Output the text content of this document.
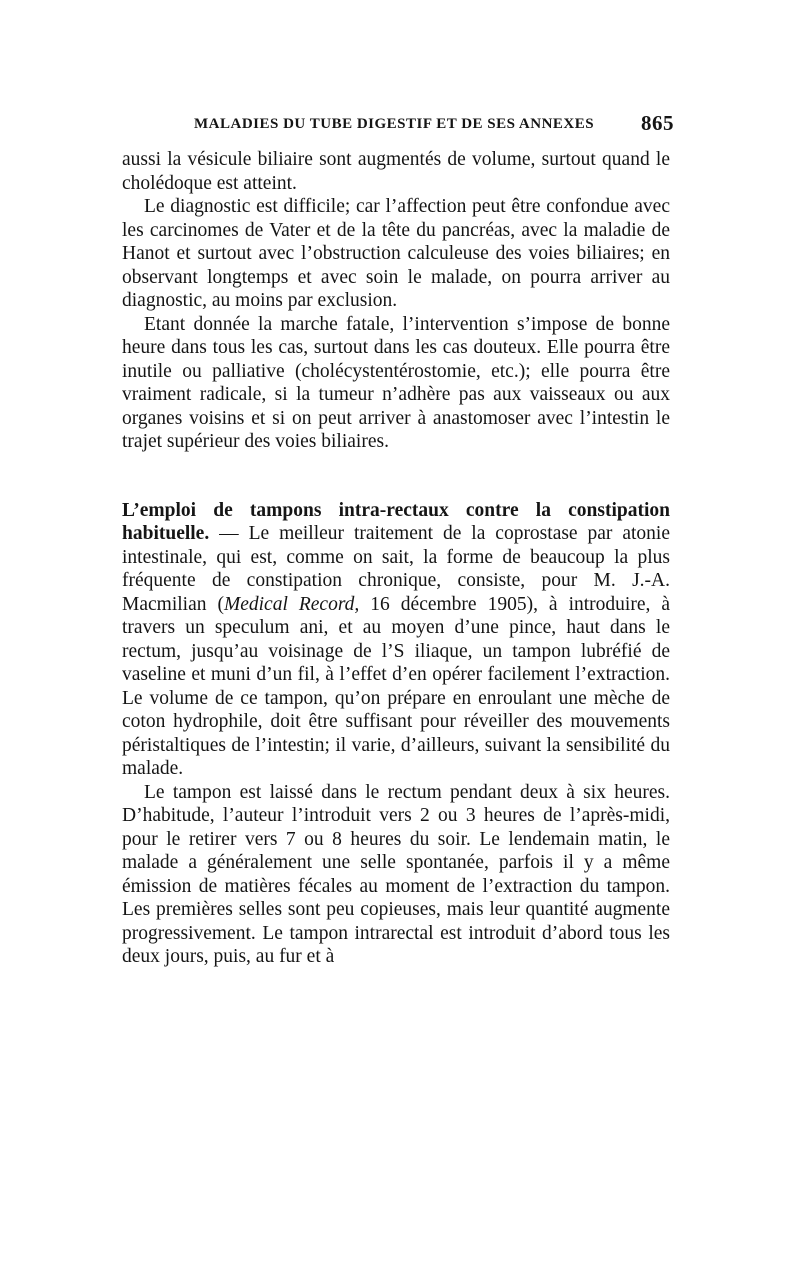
MALADIES DU TUBE DIGESTIF ET DE SES ANNEXES 865

aussi la vésicule biliaire sont augmentés de volume, surtout quand le cholédoque est atteint.

Le diagnostic est difficile; car l’affection peut être confondue avec les carcinomes de Vater et de la tête du pancréas, avec la maladie de Hanot et surtout avec l’obstruction calculeuse des voies biliaires; en observant longtemps et avec soin le malade, on pourra arriver au diagnostic, au moins par exclusion.

Etant donnée la marche fatale, l’intervention s’impose de bonne heure dans tous les cas, surtout dans les cas douteux. Elle pourra être inutile ou palliative (cholécystentérostomie, etc.); elle pourra être vraiment radicale, si la tumeur n’adhère pas aux vaisseaux ou aux organes voisins et si on peut arriver à anastomoser avec l’intestin le trajet supérieur des voies biliaires.

L’emploi de tampons intra-rectaux contre la constipation habituelle. — Le meilleur traitement de la coprostase par atonie intestinale, qui est, comme on sait, la forme de beaucoup la plus fréquente de constipation chronique, consiste, pour M. J.-A. Macmilian (Medical Record, 16 décembre 1905), à introduire, à travers un speculum ani, et au moyen d’une pince, haut dans le rectum, jusqu’au voisinage de l’S iliaque, un tampon lubréfié de vaseline et muni d’un fil, à l’effet d’en opérer facilement l’extraction. Le volume de ce tampon, qu’on prépare en enroulant une mèche de coton hydrophile, doit être suffisant pour réveiller des mouvements péristaltiques de l’intestin; il varie, d’ailleurs, suivant la sensibilité du malade.

Le tampon est laissé dans le rectum pendant deux à six heures. D’habitude, l’auteur l’introduit vers 2 ou 3 heures de l’après-midi, pour le retirer vers 7 ou 8 heures du soir. Le lendemain matin, le malade a généralement une selle spontanée, parfois il y a même émission de matières fécales au moment de l’extraction du tampon. Les premières selles sont peu copieuses, mais leur quantité augmente progressivement. Le tampon intrarectal est introduit d’abord tous les deux jours, puis, au fur et à
